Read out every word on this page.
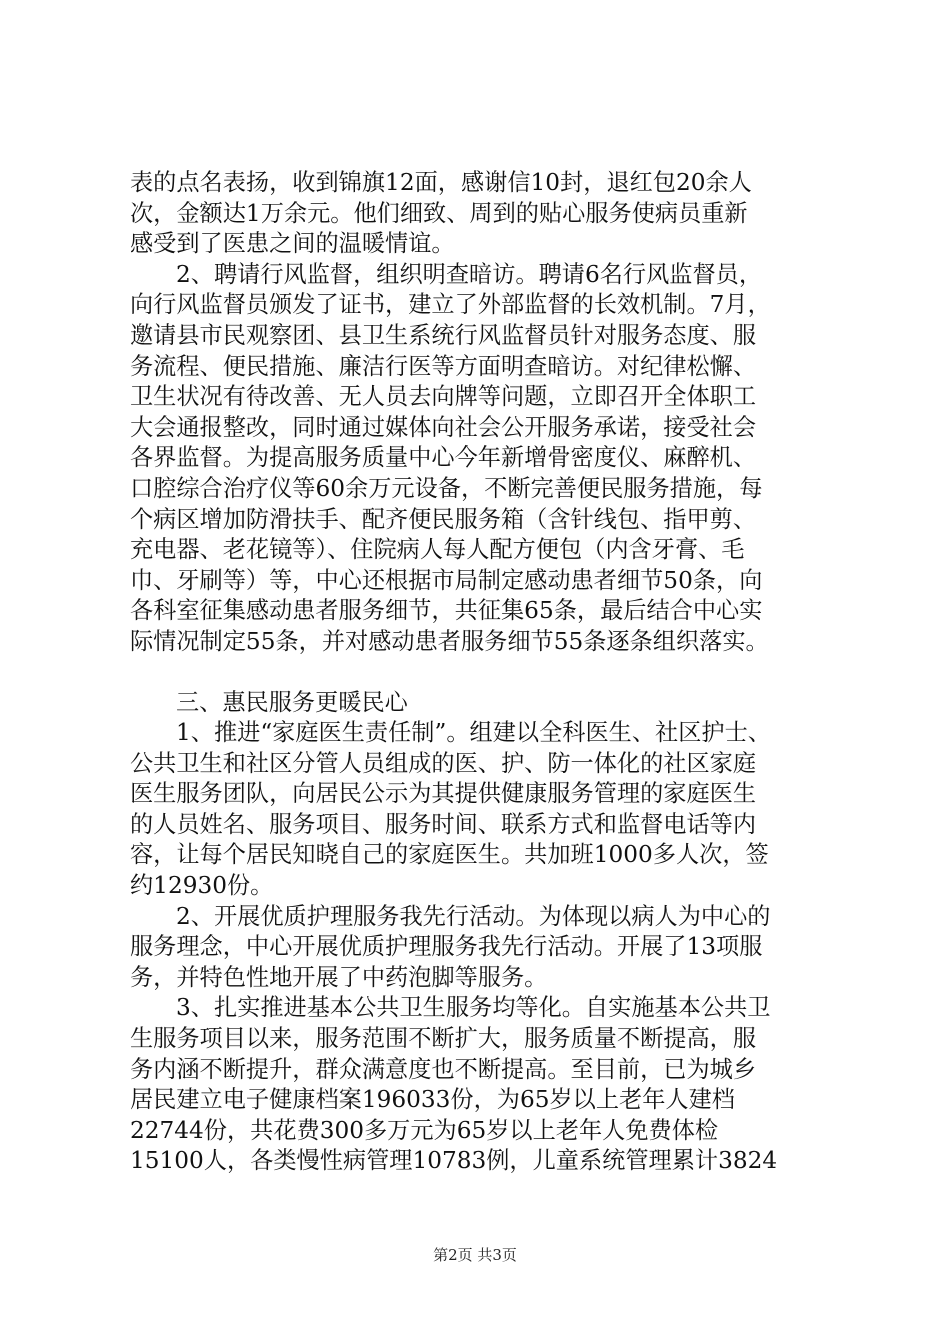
表的点名表扬，收到锦旗12面，感谢信10封，退红包20余人

次，金额达1万余元。他们细致、周到的贴心服务使病员重新

感受到了医患之间的温暖情谊。

2、聘请行风监督，组织明查暗访。聘请6名行风监督员，

向行风监督员颁发了证书，建立了外部监督的长效机制。7月，

邀请县市民观察团、县卫生系统行风监督员针对服务态度、服

务流程、便民措施、廉洁行医等方面明查暗访。对纪律松懈、

卫生状况有待改善、无人员去向牌等问题，立即召开全体职工

大会通报整改，同时通过媒体向社会公开服务承诺，接受社会

各界监督。为提高服务质量中心今年新增骨密度仪、麻醉机、

口腔综合治疗仪等60余万元设备，不断完善便民服务措施，每

个病区增加防滑扶手、配齐便民服务箱（含针线包、指甲剪、

充电器、老花镜等）、住院病人每人配方便包（内含牙膏、毛

巾、牙刷等）等，中心还根据市局制定感动患者细节50条，向

各科室征集感动患者服务细节，共征集65条，最后结合中心实

际情况制定55条，并对感动患者服务细节55条逐条组织落实。

三、惠民服务更暖民心

1、推进“家庭医生责任制”。组建以全科医生、社区护士、

公共卫生和社区分管人员组成的医、护、防一体化的社区家庭

医生服务团队，向居民公示为其提供健康服务管理的家庭医生

的人员姓名、服务项目、服务时间、联系方式和监督电话等内

容，让每个居民知晓自己的家庭医生。共加班1000多人次，签

约12930份。

2、开展优质护理服务我先行活动。为体现以病人为中心的

服务理念，中心开展优质护理服务我先行活动。开展了13项服

务，并特色性地开展了中药泡脚等服务。

3、扎实推进基本公共卫生服务均等化。自实施基本公共卫

生服务项目以来，服务范围不断扩大，服务质量不断提高，服

务内涵不断提升，群众满意度也不断提高。至目前，已为城乡

居民建立电子健康档案196033份，为65岁以上老年人建档

22744份，共花费300多万元为65岁以上老年人免费体检

15100人，各类慢性病管理10783例，儿童系统管理累计3824

第2页 共3页
